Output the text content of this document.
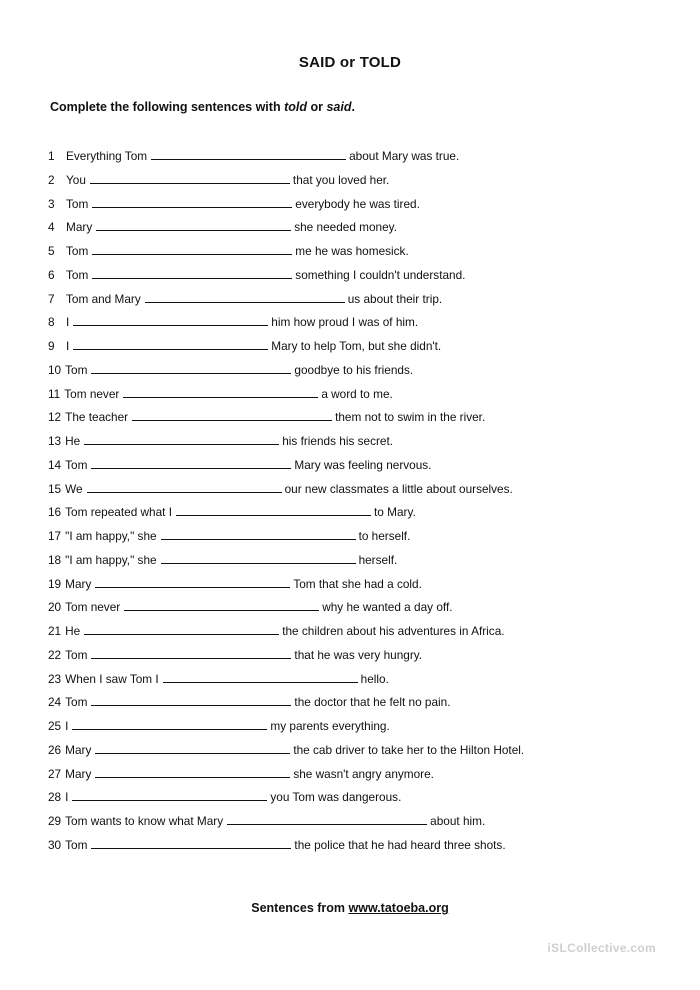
SAID or TOLD
Complete the following sentences with told or said.
1 Everything Tom	about Mary was true.
2 You	that you loved her.
3 Tom	everybody he was tired.
4 Mary	she needed money.
5 Tom	me he was homesick.
6 Tom	something I couldn't understand.
7 Tom and Mary	us about their trip.
8 I	him how proud I was of him.
9 I	Mary to help Tom, but she didn't.
10 Tom	goodbye to his friends.
11 Tom never	a word to me.
12 The teacher	them not to swim in the river.
13 He	his friends his secret.
14 Tom	Mary was feeling nervous.
15 We	our new classmates a little about ourselves.
16 Tom repeated what I	to Mary.
17 "I am happy," she	to herself.
18 "I am happy," she	herself.
19 Mary	Tom that she had a cold.
20 Tom never	why he wanted a day off.
21 He	the children about his adventures in Africa.
22 Tom	that he was very hungry.
23 When I saw Tom I	hello.
24 Tom	the doctor that he felt no pain.
25 I	my parents everything.
26 Mary	the cab driver to take her to the Hilton Hotel.
27 Mary	she wasn't angry anymore.
28 I	you Tom was dangerous.
29 Tom wants to know what Mary	about him.
30 Tom	the police that he had heard three shots.
Sentences from www.tatoeba.org
iSLCollective.com
